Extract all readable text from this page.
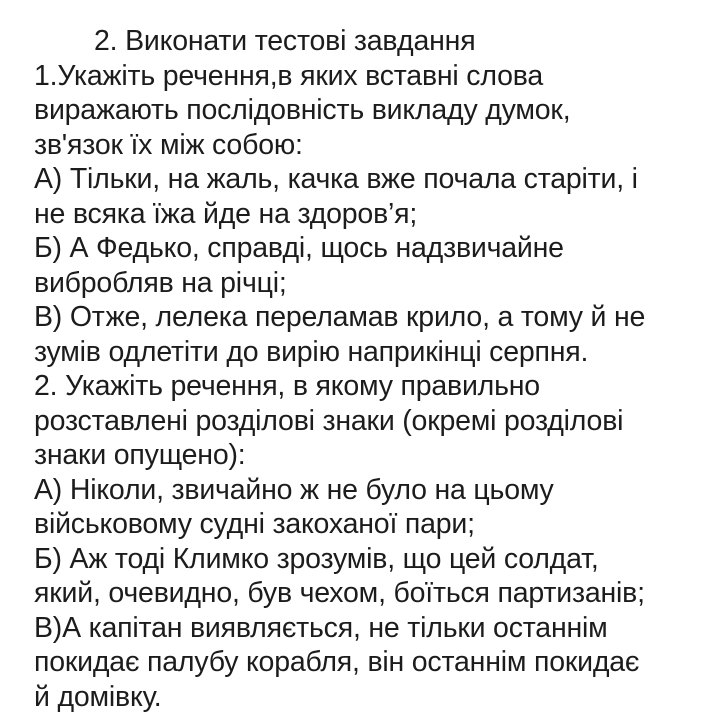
2. Виконати тестові завдання
1.Укажіть речення,в яких вставні слова
виражають послідовність викладу думок,
зв'язок їх між собою:
А) Тільки, на жаль, качка вже почала старіти, і
не всяка їжа йде на здоров’я;
Б) А Федько, справді, щось надзвичайне
вибробляв на річці;
В) Отже, лелека переламав крило, а тому й не
зумів одлетіти до вирію наприкінці серпня.
2. Укажіть речення, в якому правильно
розставлені розділові знаки (окремі розділові
знаки опущено):
А) Ніколи, звичайно ж не було на цьому
військовому судні закоханої пари;
Б) Аж тоді Климко зрозумів, що цей солдат,
який, очевидно, був чехом, боїться партизанів;
В)А капітан виявляється, не тільки останнім
покидає палубу корабля, він останнім покидає
й домівку.
